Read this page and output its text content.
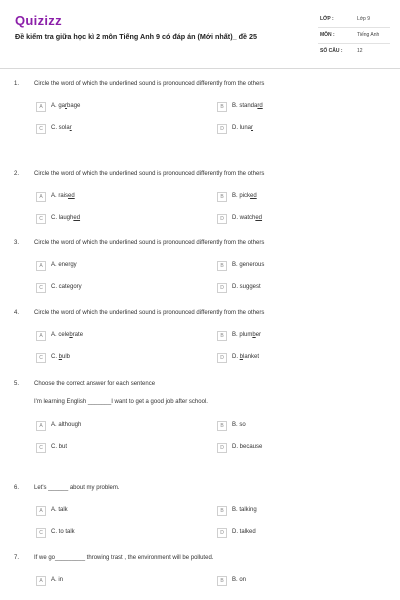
Quizizz
Đề kiểm tra giữa học kì 2 môn Tiếng Anh 9 có đáp án (Mới nhất)_ đề 25
LỚP :	Lớp 9
MÔN :	Tiếng Anh
SỐ CÂU :	12
1. Circle the word of which the underlined sound is pronounced differently from the others
A	A. garbage	B	B. standard
C	C. solar	D	D. lunar
2. Circle the word of which the underlined sound is pronounced differently from the others
A	A. raised	B	B. picked
C	C. laughed	D	D. watched
3. Circle the word of which the underlined sound is pronounced differently from the others
A	A. energy	B	B. generous
C	C. category	D	D. suggest
4. Circle the word of which the underlined sound is pronounced differently from the others
A	A. celebrate	B	B. plumber
C	C. bulb	D	D. blanket
5. Choose the correct answer for each sentence
I'm learning English _______I want to get a good job after school.
A	A. although	B	B. so
C	C. but	D	D. because
6. Let's ______ about my problem.
A	A. talk	B	B. talking
C	C. to talk	D	D. talked
7. If we go_________ throwing trast , the environment will be polluted.
A	A. in	B	B. on
